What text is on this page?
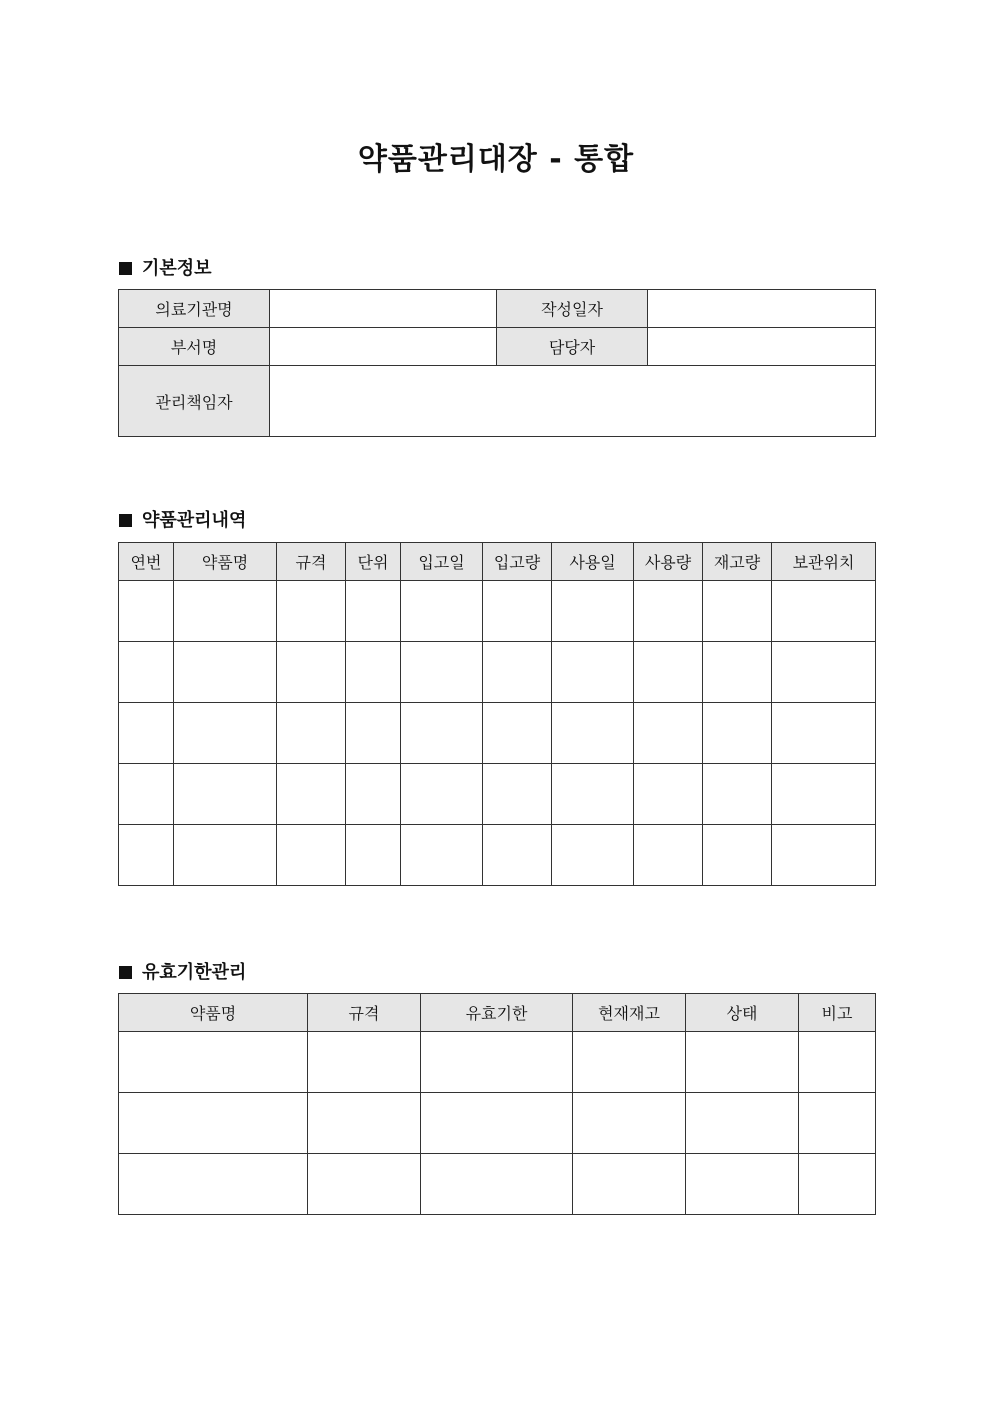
약품관리대장 - 통합
기본정보
의료기관명		작성일자	
부서명		담당자	
관리책임자			
약품관리내역
연번	약품명	규격	단위	입고일	입고량	사용일	사용량	재고량	보관위치

유효기한관리
약품명	규격	유효기한	현재재고	상태	비고
